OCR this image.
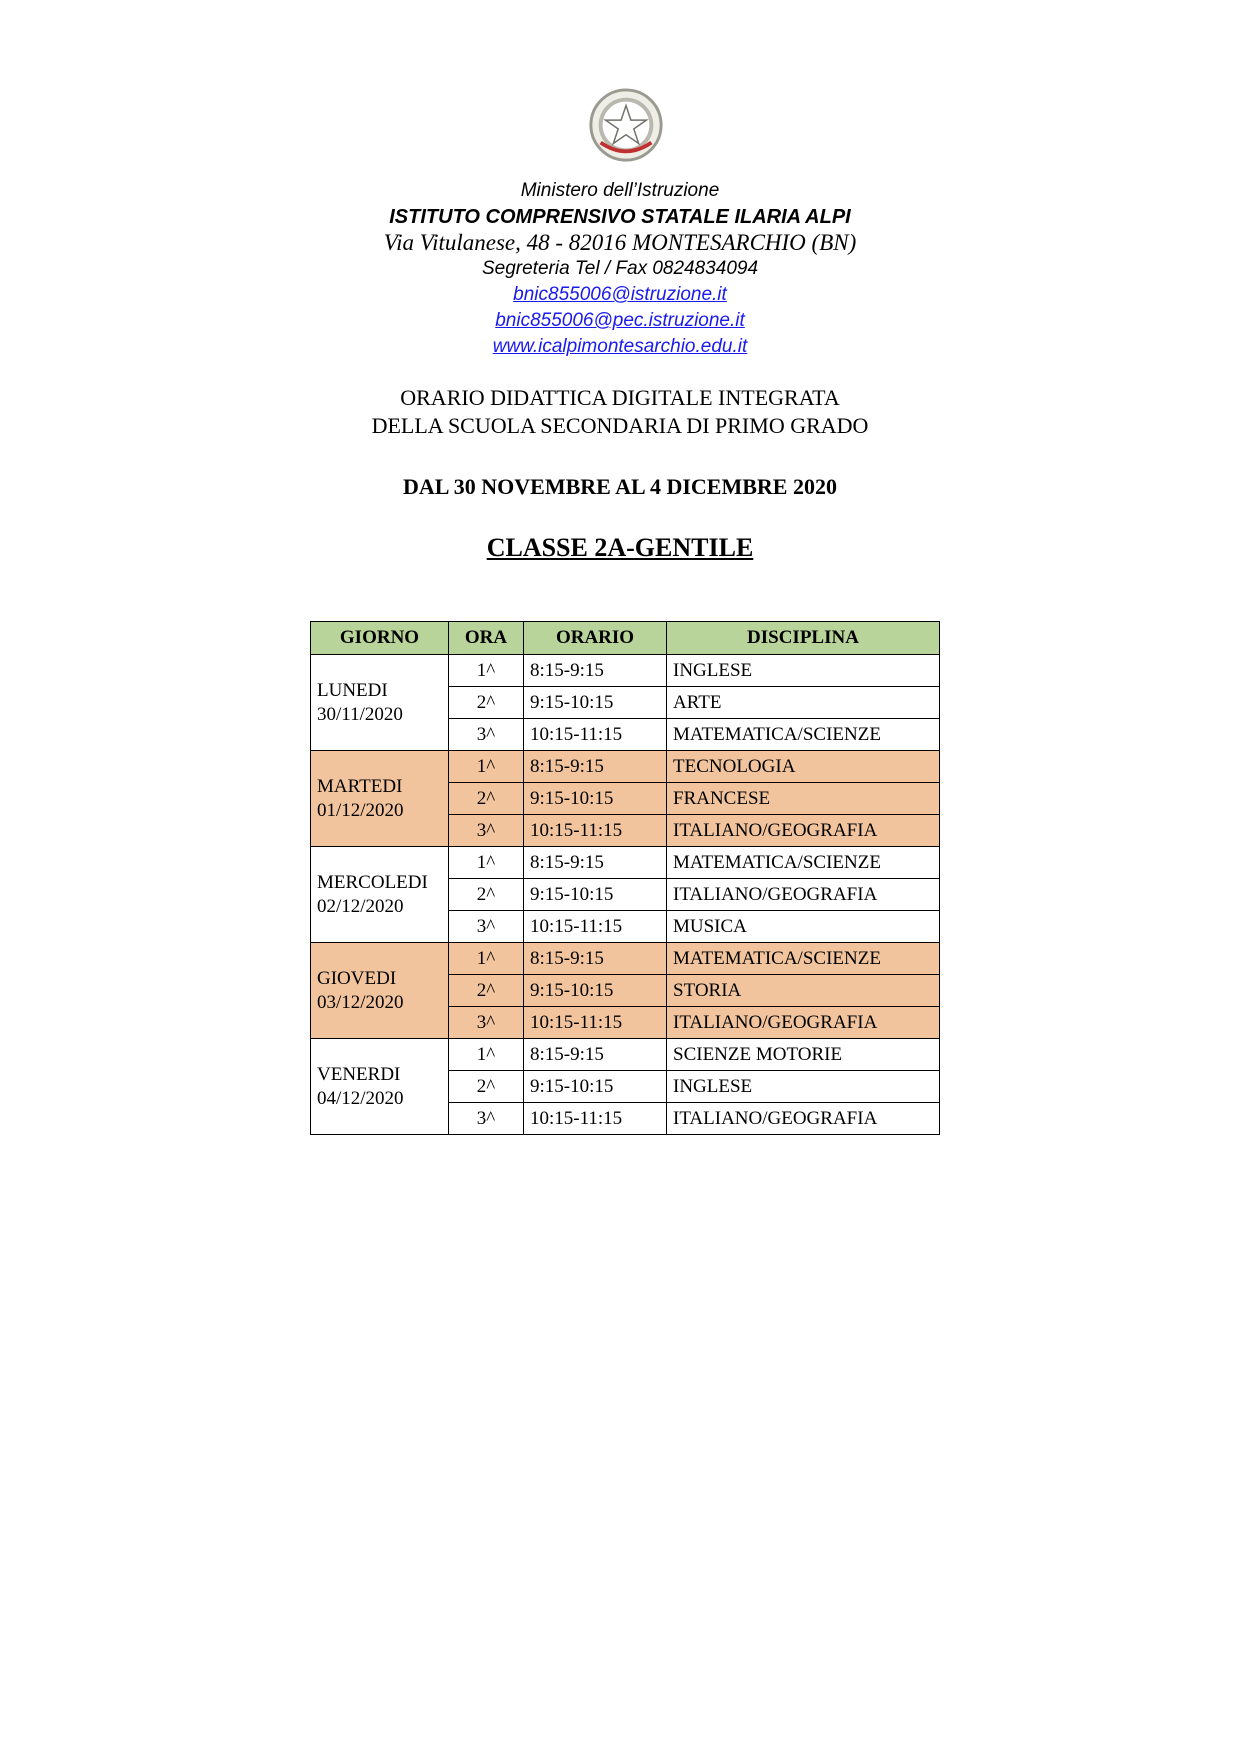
Ministero dell’Istruzione
ISTITUTO COMPRENSIVO STATALE ILARIA ALPI
Via Vitulanese, 48 - 82016 MONTESARCHIO (BN)
Segreteria Tel / Fax 0824834094
bnic855006@istruzione.it
bnic855006@pec.istruzione.it
www.icalpimontesarchio.edu.it
ORARIO DIDATTICA DIGITALE INTEGRATA
DELLA SCUOLA SECONDARIA DI PRIMO GRADO
DAL 30 NOVEMBRE AL 4 DICEMBRE 2020
CLASSE 2A-GENTILE
GIORNO	ORA	ORARIO	DISCIPLINA

LUNEDI
30/11/2020	1^	8:15-9:15	INGLESE
	2^	9:15-10:15	ARTE
	3^	10:15-11:15	MATEMATICA/SCIENZE

MARTEDI
01/12/2020	1^	8:15-9:15	TECNOLOGIA
	2^	9:15-10:15	FRANCESE
	3^	10:15-11:15	ITALIANO/GEOGRAFIA

MERCOLEDI
02/12/2020	1^	8:15-9:15	MATEMATICA/SCIENZE
	2^	9:15-10:15	ITALIANO/GEOGRAFIA
	3^	10:15-11:15	MUSICA

GIOVEDI
03/12/2020	1^	8:15-9:15	MATEMATICA/SCIENZE
	2^	9:15-10:15	STORIA
	3^	10:15-11:15	ITALIANO/GEOGRAFIA

VENERDI
04/12/2020	1^	8:15-9:15	SCIENZE MOTORIE
	2^	9:15-10:15	INGLESE
	3^	10:15-11:15	ITALIANO/GEOGRAFIA
